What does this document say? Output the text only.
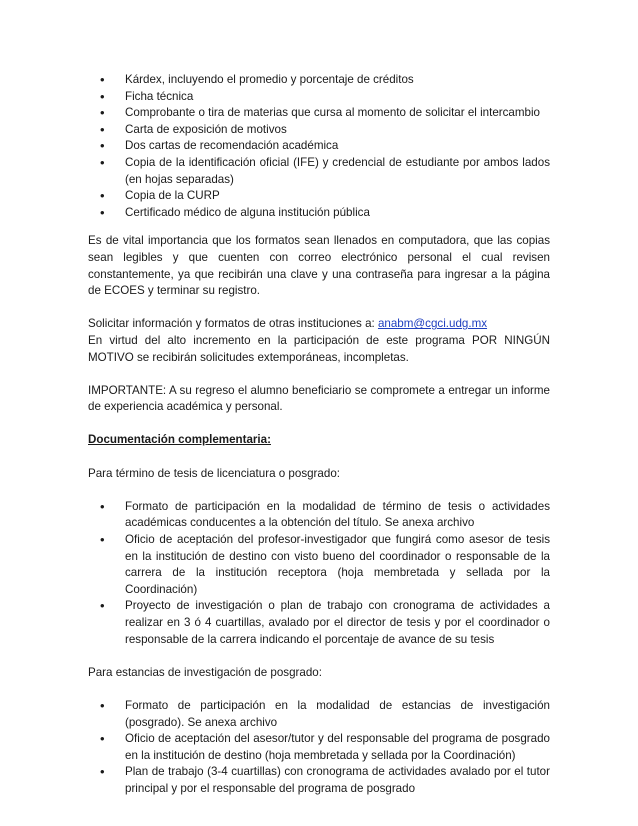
• Kárdex, incluyendo el promedio y porcentaje de créditos
• Ficha técnica
• Comprobante o tira de materias que cursa al momento de solicitar el intercambio
• Carta de exposición de motivos
• Dos cartas de recomendación académica
• Copia de la identificación oficial (IFE) y credencial de estudiante por ambos lados (en hojas separadas)
• Copia de la CURP
• Certificado médico de alguna institución pública

Es de vital importancia que los formatos sean llenados en computadora, que las copias sean legibles y que cuenten con correo electrónico personal el cual revisen constantemente, ya que recibirán una clave y una contraseña para ingresar a la página de ECOES y terminar su registro.

Solicitar información y formatos de otras instituciones a: anabm@cgci.udg.mx

En virtud del alto incremento en la participación de este programa POR NINGÚN MOTIVO se recibirán solicitudes extemporáneas, incompletas.

IMPORTANTE: A su regreso el alumno beneficiario se compromete a entregar un informe de experiencia académica y personal.

Documentación complementaria:

Para término de tesis de licenciatura o posgrado:

• Formato de participación en la modalidad de término de tesis o actividades académicas conducentes a la obtención del título. Se anexa archivo
• Oficio de aceptación del profesor-investigador que fungirá como asesor de tesis en la institución de destino con visto bueno del coordinador o responsable de la carrera de la institución receptora (hoja membretada y sellada por la Coordinación)
• Proyecto de investigación o plan de trabajo con cronograma de actividades a realizar en 3 ó 4 cuartillas, avalado por el director de tesis y por el coordinador o responsable de la carrera indicando el porcentaje de avance de su tesis

Para estancias de investigación de posgrado:

• Formato de participación en la modalidad de estancias de investigación (posgrado). Se anexa archivo
• Oficio de aceptación del asesor/tutor y del responsable del programa de posgrado en la institución de destino (hoja membretada y sellada por la Coordinación)
• Plan de trabajo (3-4 cuartillas) con cronograma de actividades avalado por el tutor principal y por el responsable del programa de posgrado
